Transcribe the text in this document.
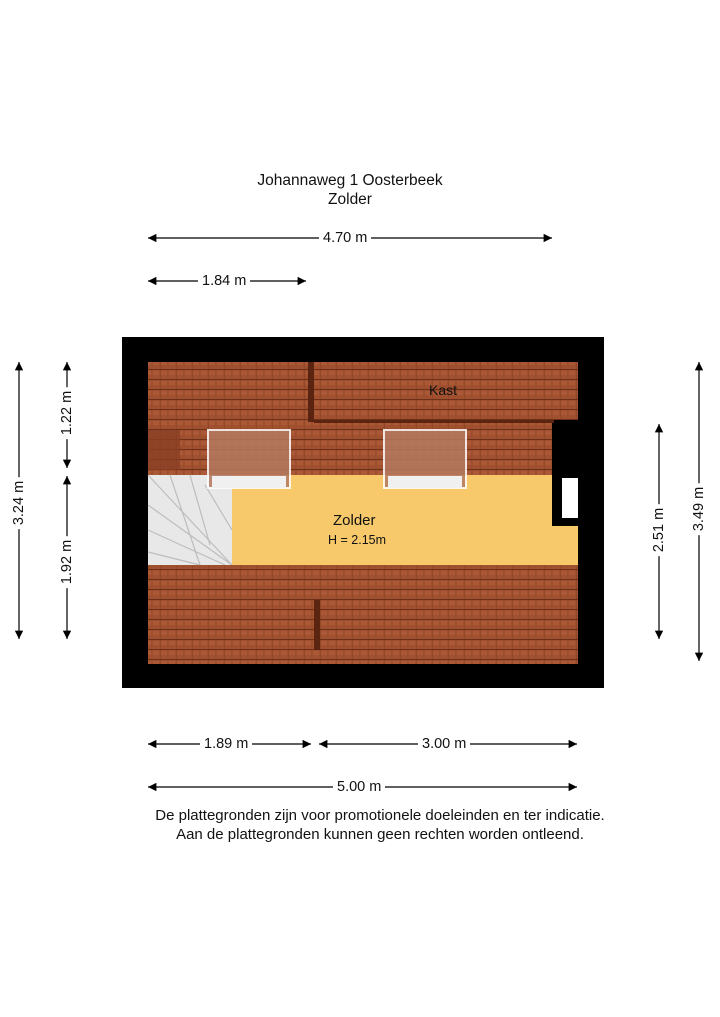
Johannaweg 1 Oosterbeek
Zolder
Kast
Zolder
H = 2.15m
4.70 m
1.84 m
1.89 m	3.00 m
5.00 m
3.24 m
1.22 m
1.92 m
2.51 m 3.49 m
De plattegronden zijn voor promotionele doeleinden en ter indicatie.
Aan de plattegronden kunnen geen rechten worden ontleend.
